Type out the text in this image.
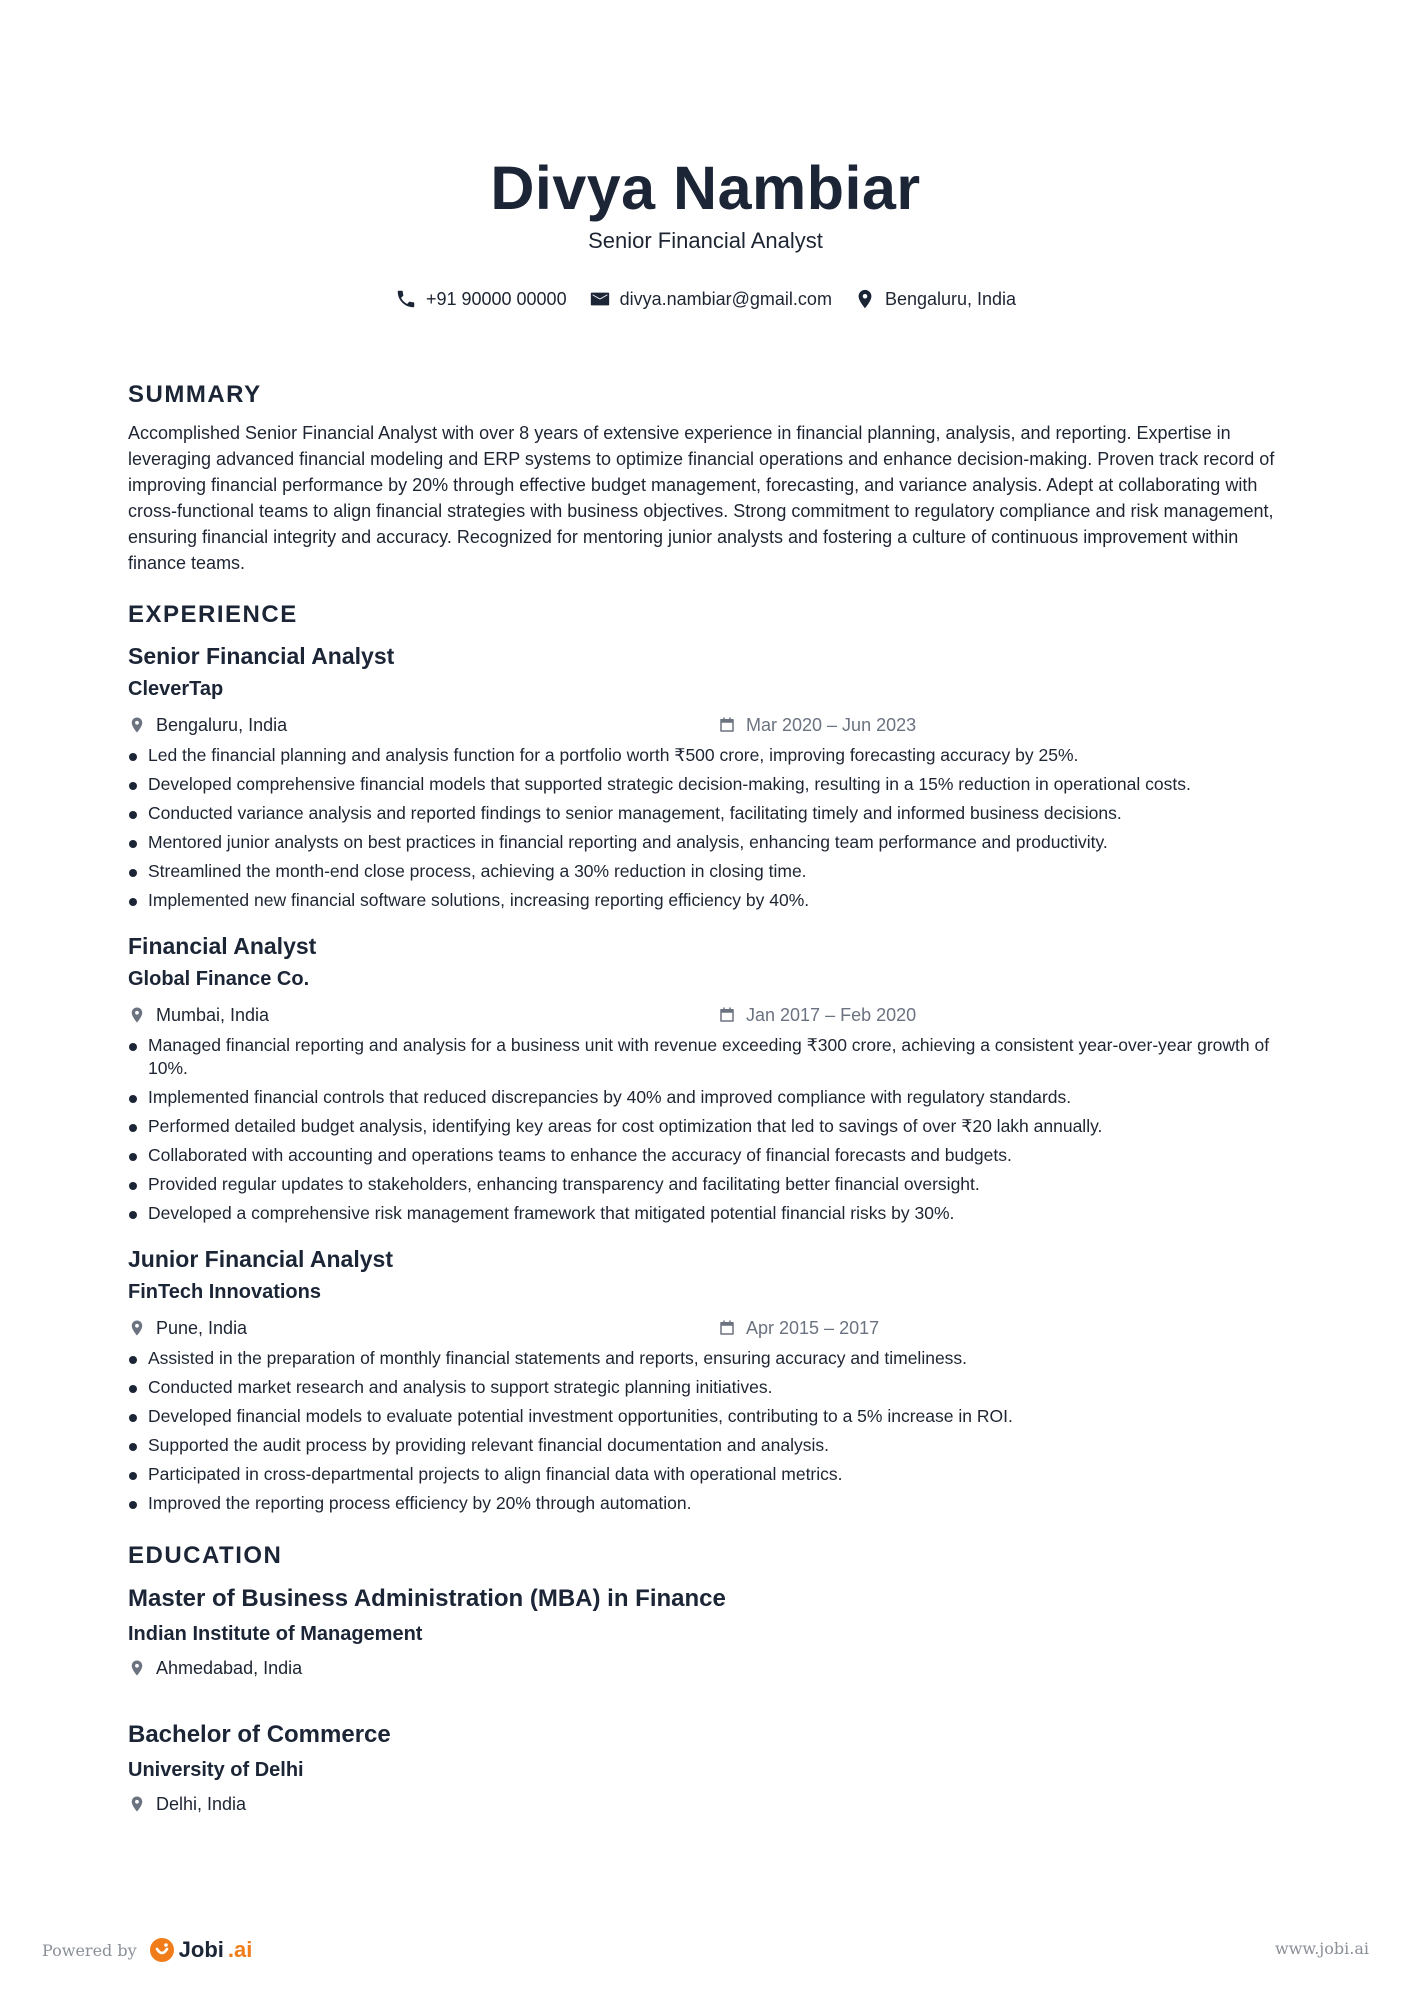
Divya Nambiar
Senior Financial Analyst
+91 90000 00000	divya.nambiar@gmail.com	Bengaluru, India
SUMMARY
Accomplished Senior Financial Analyst with over 8 years of extensive experience in financial planning, analysis, and reporting. Expertise in leveraging advanced financial modeling and ERP systems to optimize financial operations and enhance decision-making. Proven track record of improving financial performance by 20% through effective budget management, forecasting, and variance analysis. Adept at collaborating with cross-functional teams to align financial strategies with business objectives. Strong commitment to regulatory compliance and risk management, ensuring financial integrity and accuracy. Recognized for mentoring junior analysts and fostering a culture of continuous improvement within finance teams.
EXPERIENCE
Senior Financial Analyst
CleverTap
Bengaluru, India	Mar 2020 – Jun 2023
Led the financial planning and analysis function for a portfolio worth ₹500 crore, improving forecasting accuracy by 25%.
Developed comprehensive financial models that supported strategic decision-making, resulting in a 15% reduction in operational costs.
Conducted variance analysis and reported findings to senior management, facilitating timely and informed business decisions.
Mentored junior analysts on best practices in financial reporting and analysis, enhancing team performance and productivity.
Streamlined the month-end close process, achieving a 30% reduction in closing time.
Implemented new financial software solutions, increasing reporting efficiency by 40%.
Financial Analyst
Global Finance Co.
Mumbai, India	Jan 2017 – Feb 2020
Managed financial reporting and analysis for a business unit with revenue exceeding ₹300 crore, achieving a consistent year-over-year growth of 10%.
Implemented financial controls that reduced discrepancies by 40% and improved compliance with regulatory standards.
Performed detailed budget analysis, identifying key areas for cost optimization that led to savings of over ₹20 lakh annually.
Collaborated with accounting and operations teams to enhance the accuracy of financial forecasts and budgets.
Provided regular updates to stakeholders, enhancing transparency and facilitating better financial oversight.
Developed a comprehensive risk management framework that mitigated potential financial risks by 30%.
Junior Financial Analyst
FinTech Innovations
Pune, India	Apr 2015 – 2017
Assisted in the preparation of monthly financial statements and reports, ensuring accuracy and timeliness.
Conducted market research and analysis to support strategic planning initiatives.
Developed financial models to evaluate potential investment opportunities, contributing to a 5% increase in ROI.
Supported the audit process by providing relevant financial documentation and analysis.
Participated in cross-departmental projects to align financial data with operational metrics.
Improved the reporting process efficiency by 20% through automation.
EDUCATION
Master of Business Administration (MBA) in Finance
Indian Institute of Management
Ahmedabad, India
Bachelor of Commerce
University of Delhi
Delhi, India
Powered by Jobi .ai	www.jobi.ai
